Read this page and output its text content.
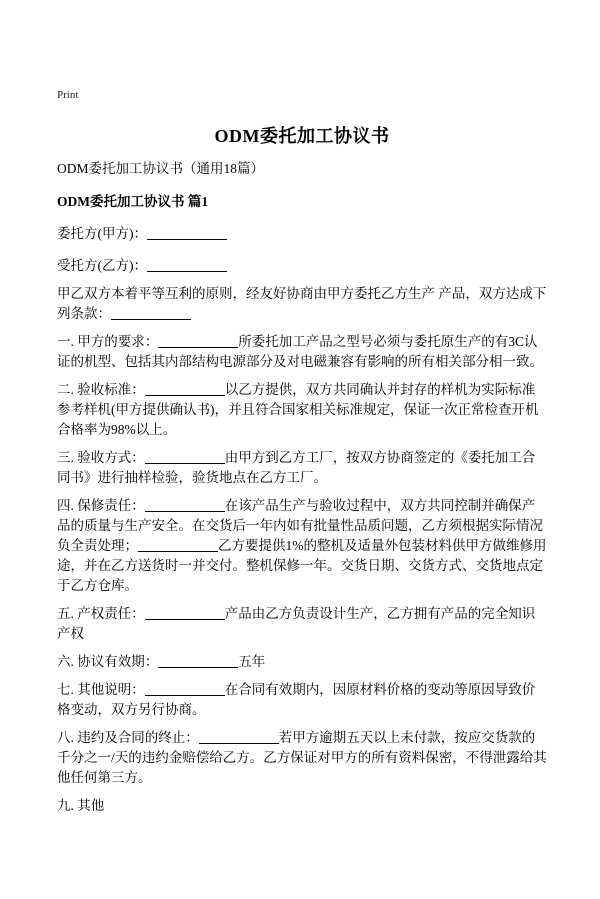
Print
ODM委托加工协议书

ODM委托加工协议书（通用18篇）

ODM委托加工协议书 篇1

委托方(甲方)：

受托方(乙方)：

甲乙双方本着平等互利的原则，经友好协商由甲方委托乙方生产 产品，双方达成下列条款：

一. 甲方的要求：	所委托加工产品之型号必须与委托原生产的有3C认证的机型、包括其内部结构电源部分及对电磁兼容有影响的所有相关部分相一致。

二. 验收标准：	以乙方提供，双方共同确认并封存的样机为实际标准参考样机(甲方提供确认书)，并且符合国家相关标准规定，保证一次正常检查开机合格率为98%以上。

三. 验收方式：	由甲方到乙方工厂，按双方协商签定的《委托加工合同书》进行抽样检验，验货地点在乙方工厂。

四. 保修责任：	在该产品生产与验收过程中，双方共同控制并确保产品的质量与生产安全。在交货后一年内如有批量性品质问题，乙方须根据实际情况负全责处理；	乙方要提供1%的整机及适量外包装材料供甲方做维修用途，并在乙方送货时一并交付。整机保修一年。交货日期、交货方式、交货地点定于乙方仓库。

五. 产权责任：	产品由乙方负责设计生产，乙方拥有产品的完全知识产权

六. 协议有效期：	五年

七. 其他说明：	在合同有效期内，因原材料价格的变动等原因导致价格变动，双方另行协商。

八. 违约及合同的终止：	若甲方逾期五天以上未付款，按应交货款的千分之一/天的违约金赔偿给乙方。乙方保证对甲方的所有资料保密，不得泄露给其他任何第三方。

九. 其他
